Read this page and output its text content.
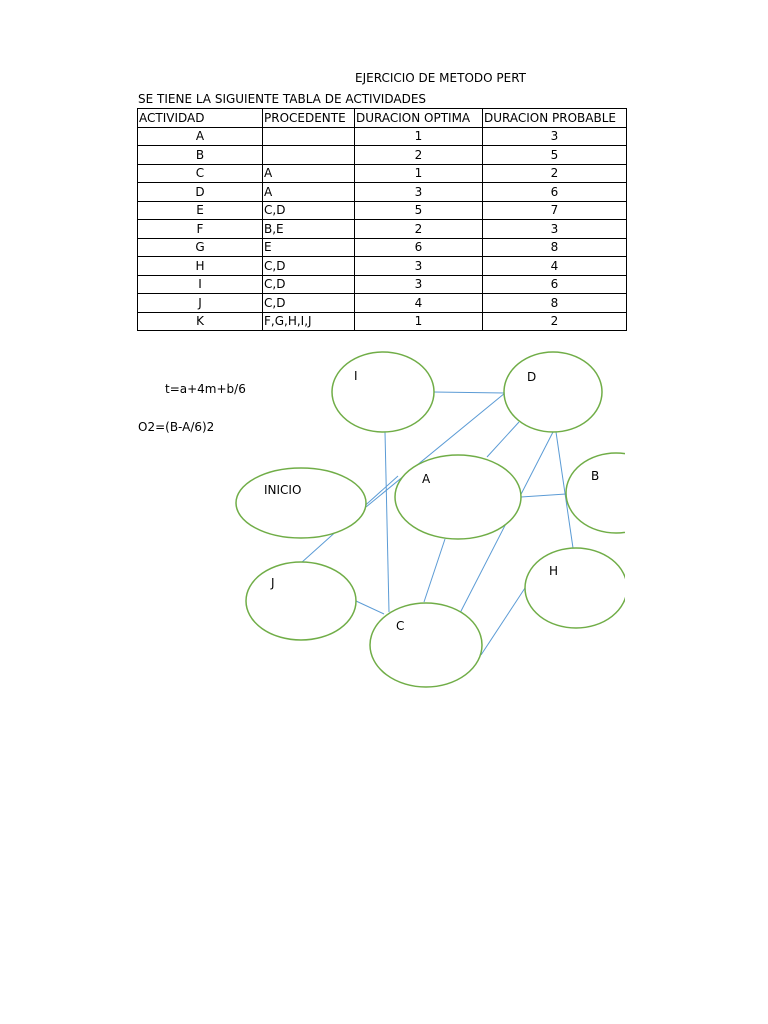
EJERCICIO DE METODO PERT
SE TIENE LA SIGUIENTE TABLA DE ACTIVIDADES
ACTIVIDAD	PROCEDENTE	DURACION OPTIMA	DURACION PROBABLE
A		1	3
B		2	5
C	A	1	2
D	A	3	6
E	C,D	5	7
F	B,E	2	3
G	E	6	8
H	C,D	3	4
I	C,D	3	6
J	C,D	4	8
K	F,G,H,I,J	1	2
t=a+4m+b/6
O2=(B-A/6)2
I	D
B
INICIO
A
J
H
C
